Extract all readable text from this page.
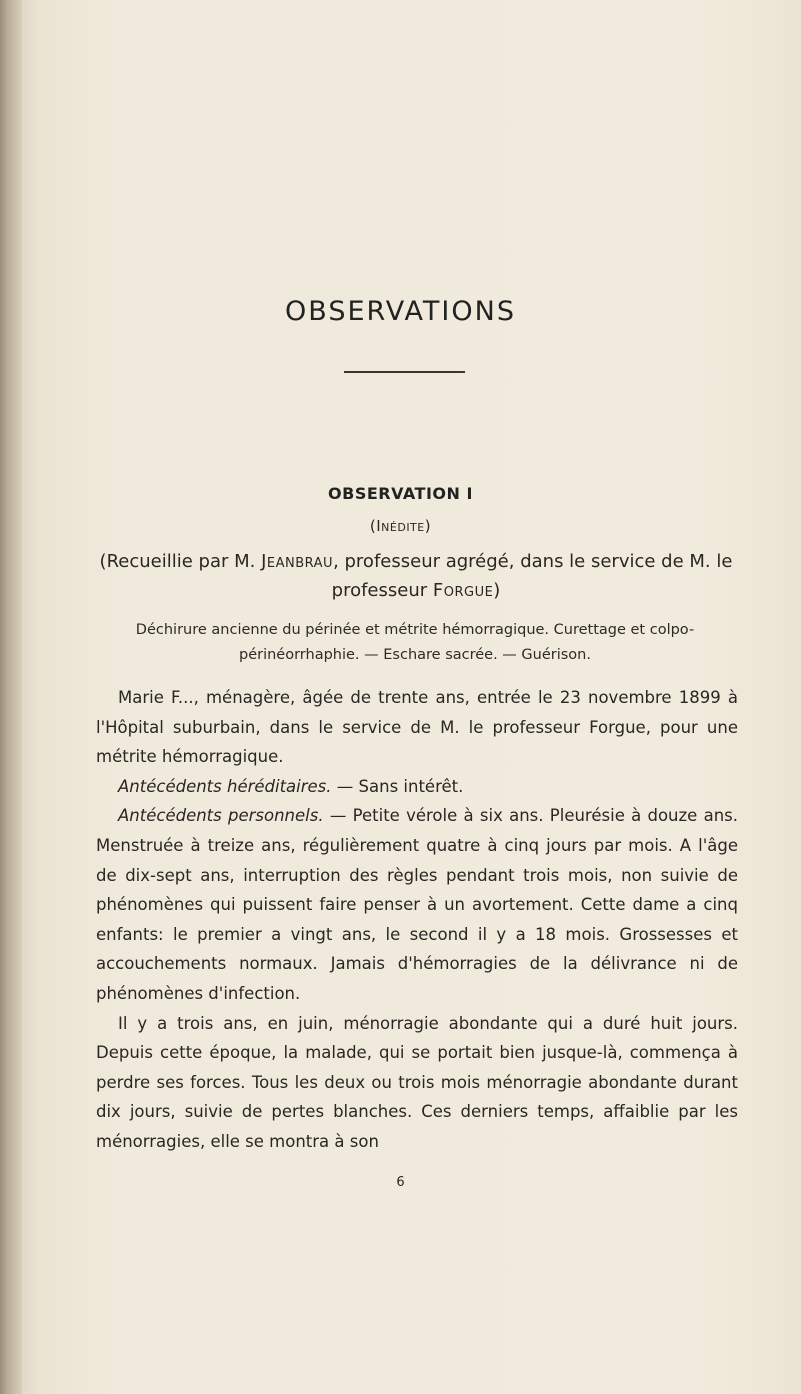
OBSERVATIONS
OBSERVATION I
(Inédite)
(Recueillie par M. Jeanbrau, professeur agrégé, dans le service de M. le professeur Forgue)
Déchirure ancienne du périnée et métrite hémorragique. Curettage et colpo-périnéorrhaphie. — Eschare sacrée. — Guérison.

Marie F..., ménagère, âgée de trente ans, entrée le 23 novembre 1899 à l'Hôpital suburbain, dans le service de M. le professeur Forgue, pour une métrite hémorragique.

Antécédents héréditaires. — Sans intérêt.

Antécédents personnels. — Petite vérole à six ans. Pleurésie à douze ans. Menstruée à treize ans, régulièrement quatre à cinq jours par mois. A l'âge de dix-sept ans, interruption des règles pendant trois mois, non suivie de phénomènes qui puissent faire penser à un avortement. Cette dame a cinq enfants: le premier a vingt ans, le second il y a 18 mois. Grossesses et accouchements normaux. Jamais d'hémorragies de la délivrance ni de phénomènes d'infection.

Il y a trois ans, en juin, ménorragie abondante qui a duré huit jours. Depuis cette époque, la malade, qui se portait bien jusque-là, commença à perdre ses forces. Tous les deux ou trois mois ménorragie abondante durant dix jours, suivie de pertes blanches. Ces derniers temps, affaiblie par les ménorragies, elle se montra à son

6
